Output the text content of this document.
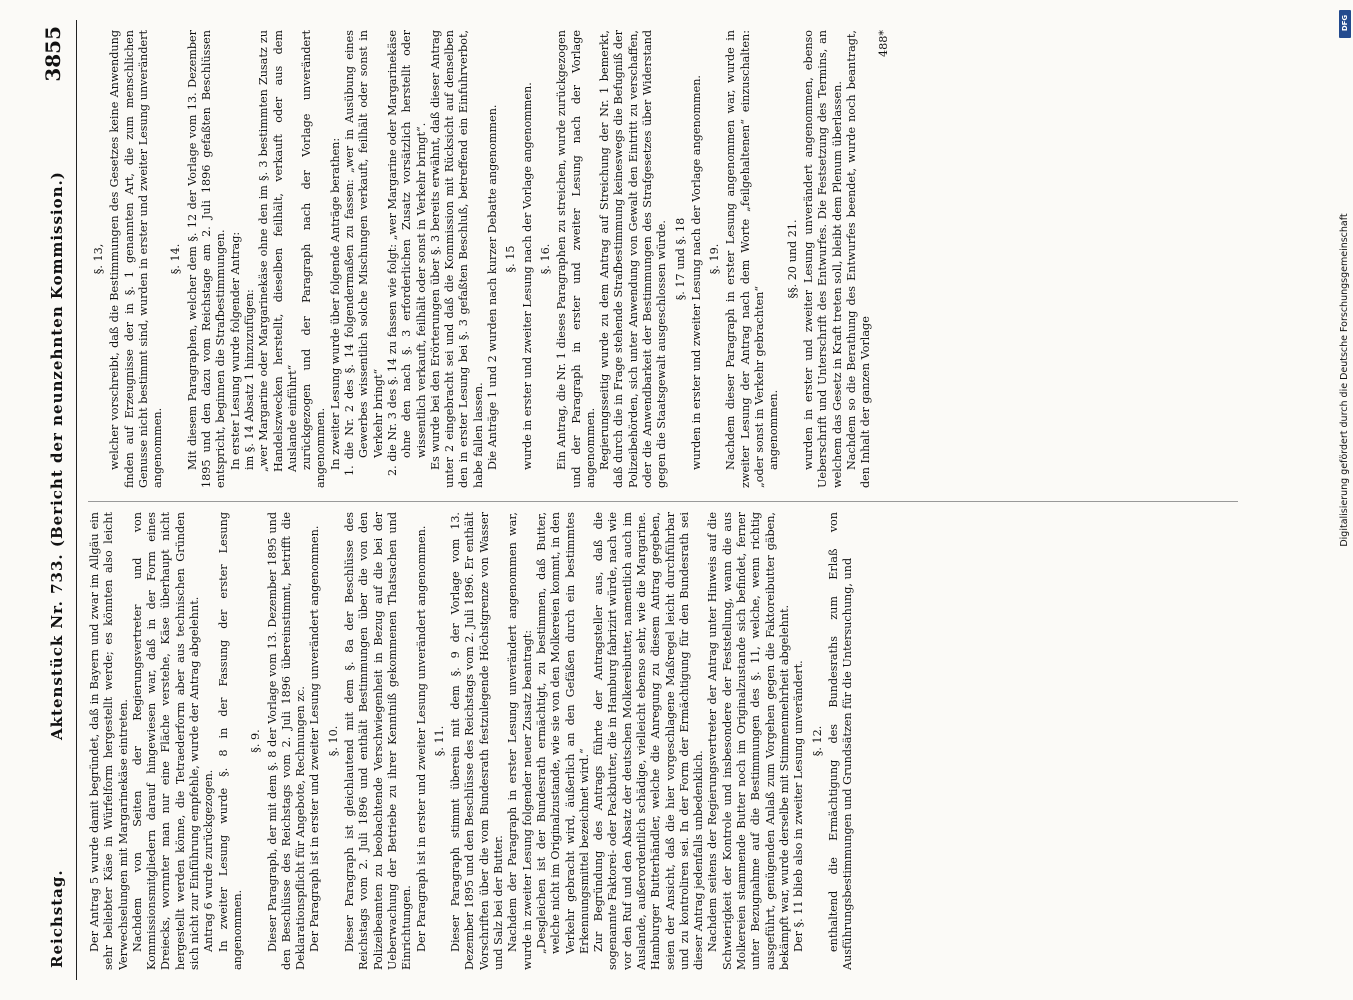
Reichstag.
Aktenstück Nr. 733. (Bericht der neunzehnten Kommission.)
3855

Der Antrag 5 wurde damit begründet, daß in Bayern und zwar im Allgäu ein sehr beliebter Käse in Würfelform hergestellt werde; es könnten also leicht Verwechselungen mit Margarinekäse eintreten. Nachdem von Seiten der Regierungsvertreter und von Kommissionsmitgliedern darauf hingewiesen war, daß in der Form eines Dreiecks, wornnter man nur eine Fläche verstehe, Käse überhaupt nicht hergestellt werden könne, die Tetraederform aber aus technischen Gründen sich nicht zur Einführung empfehle, wurde der Antrag abgelehnt. Antrag 6 wurde zurückgezogen. In zweiter Lesung wurde §. 8 in der Fassung der erster Lesung angenommen.

§. 9. Dieser Paragraph, der mit dem §. 8 der Vorlage vom 13. Dezember 1895 und den Beschlüsse des Reichstags vom 2. Juli 1896 übereinstimmt, betrifft die Deklarationspflicht für Angebote, Rechnungen zc. Der Paragraph ist in erster und zweiter Lesung unverändert angenommen. §. 10. Dieser Paragraph ist gleichlautend mit dem §. 8a der Beschlüsse des Reichstags vom 2. Juli 1896 und enthält Bestimmungen über die von den Polizeibeamten zu beobachtende Verschwiegenheit in Bezug auf die bei der Ueberwachung der Betriebe zu ihrer Kenntniß gekommenen Thatsachen und Einrichtungen. Der Paragraph ist in erster und zweiter Lesung unverändert angenommen. §. 11. Dieser Paragraph stimmt überein mit dem §. 9 der Vorlage vom 13. Dezember 1895 und den Beschlüsse des Reichstags vom 2. Juli 1896. Er enthält Vorschriften über die vom Bundesrath festzulegende Höchstgrenze von Wasser und Salz bei der Butter. Nachdem der Paragraph in erster Lesung unverändert angenommen war, wurde in zweiter Lesung folgender neuer Zusatz beantragt: „Desgleichen ist der Bundesrath ermächtigt, zu bestimmen, daß Butter, welche nicht im Originalzustande, wie sie von den Molkereien kommt, in den Verkehr gebracht wird, äußerlich an den Gefäßen durch ein bestimmtes Erkennungsmittel bezeichnet wird.“ Zur Begründung des Antrags führte der Antragsteller aus, daß die sogenannte Faktorei- oder Packbutter, die in Hamburg fabrizirt würde, nach wie vor den Ruf und den Absatz der deutschen Molkereibutter, namentlich auch im Auslande, außerordentlich schädige, vielleicht ebenso sehr, wie die Margarine. Hamburger Butterhändler, welche die Anregung zu diesem Antrag gegeben, seien der Ansicht, daß die hier vorgeschlagene Maßregel leicht durchführbar und zu kontroliren sei. In der Form der Ermächtigung für den Bundesrath sei dieser Antrag jedenfalls unbedenklich. Nachdem seitens der Regierungsvertreter der Antrag unter Hinweis auf die Schwierigkeit der Kontrole und insbesondere der Feststellung, wann die aus Molkereien stammende Butter noch im Originalzustande sich befindet, ferner unter Bezugnahme auf die Bestimmungen des §. 11, welche, wenn richtig ausgeführt, genügenden Anlaß zum Vorgehen gegen die Faktoreibutter gäben, bekämpft war, wurde derselbe mit Stimmenmehrheit abgelehnt. Der §. 11 blieb also in zweiter Lesung unverändert. §. 12. enthaltend die Ermächtigung des Bundesraths zum Erlaß von Ausführungsbestimmungen und Grundsätzen für die Untersuchung, und

§. 13, welcher vorschreibt, daß die Bestimmungen des Gesetzes keine Anwendung finden auf Erzeugnisse der in §. 1 genannten Art, die zum menschlichen Genusse nicht bestimmt sind, wurden in erster und zweiter Lesung unverändert angenommen.

§. 14. Mit diesem Paragraphen, welcher dem §. 12 der Vorlage vom 13. Dezember 1895 und den dazu vom Reichstage am 2. Juli 1896 gefaßten Beschlüssen entspricht, beginnen die Strafbestimmungen. In erster Lesung wurde folgender Antrag: im §. 14 Absatz 1 hinzuzufügen: „wer Margarine oder Margarinekäse ohne den im §. 3 bestimmten Zusatz zu Handelszwecken herstellt, dieselben feilhält, verkauft oder aus dem Auslande einführt“ zurückgezogen und der Paragraph nach der Vorlage unverändert angenommen. In zweiter Lesung wurde über folgende Anträge berathen: 1. die Nr. 2 des §. 14 folgendermaßen zu fassen: „wer in Ausübung eines Gewerbes wissentlich solche Mischungen verkauft, feilhält oder sonst in Verkehr bringt“ 2. die Nr. 3 des §. 14 zu fassen wie folgt: „wer Margarine oder Margarinekäse ohne den nach §. 3 erforderlichen Zusatz vorsätzlich herstellt oder wissentlich verkauft, feilhält oder sonst in Verkehr bringt“. Es wurde bei den Erörterungen über §. 3 bereits erwähnt, daß dieser Antrag unter 2 eingebracht sei und daß die Kommission mit Rücksicht auf denselben den in erster Lesung bei §. 3 gefaßten Beschluß, betreffend ein Einfuhrverbot, habe fallen lassen. Die Anträge 1 und 2 wurden nach kurzer Debatte angenommen. §. 15 wurde in erster und zweiter Lesung nach der Vorlage angenommen. §. 16. Ein Antrag, die Nr. 1 dieses Paragraphen zu streichen, wurde zurückgezogen und der Paragraph in erster und zweiter Lesung nach der Vorlage angenommen. Regierungsseitig wurde zu dem Antrag auf Streichung der Nr. 1 bemerkt, daß durch die in Frage stehende Strafbestimmung keineswegs die Befugniß der Polizeibehörden, sich unter Anwendung von Gewalt den Eintritt zu verschaffen, oder die Anwendbarkeit der Bestimmungen des Strafgesetzes über Widerstand gegen die Staatsgewalt ausgeschlossen würde. §. 17 und §. 18 wurden in erster und zweiter Lesung nach der Vorlage angenommen. §. 19. Nachdem dieser Paragraph in erster Lesung angenommen war, wurde in zweiter Lesung der Antrag nach dem Worte „feilgehaltenen“ einzuschalten: „oder sonst in Verkehr gebrachten“ angenommen.

§§. 20 und 21. wurden in erster und zweiter Lesung unverändert angenommen, ebenso Ueberschrift und Unterschrift des Entwurfes. Die Festsetzung des Termins, an welchem das Gesetz in Kraft treten soll, bleibt dem Plenum überlassen. Nachdem so die Berathung des Entwurfes beendet, wurde noch beantragt, den Inhalt der ganzen Vorlage

488*

DFG
Digitalisierung gefördert durch die Deutsche Forschungsgemeinschaft
